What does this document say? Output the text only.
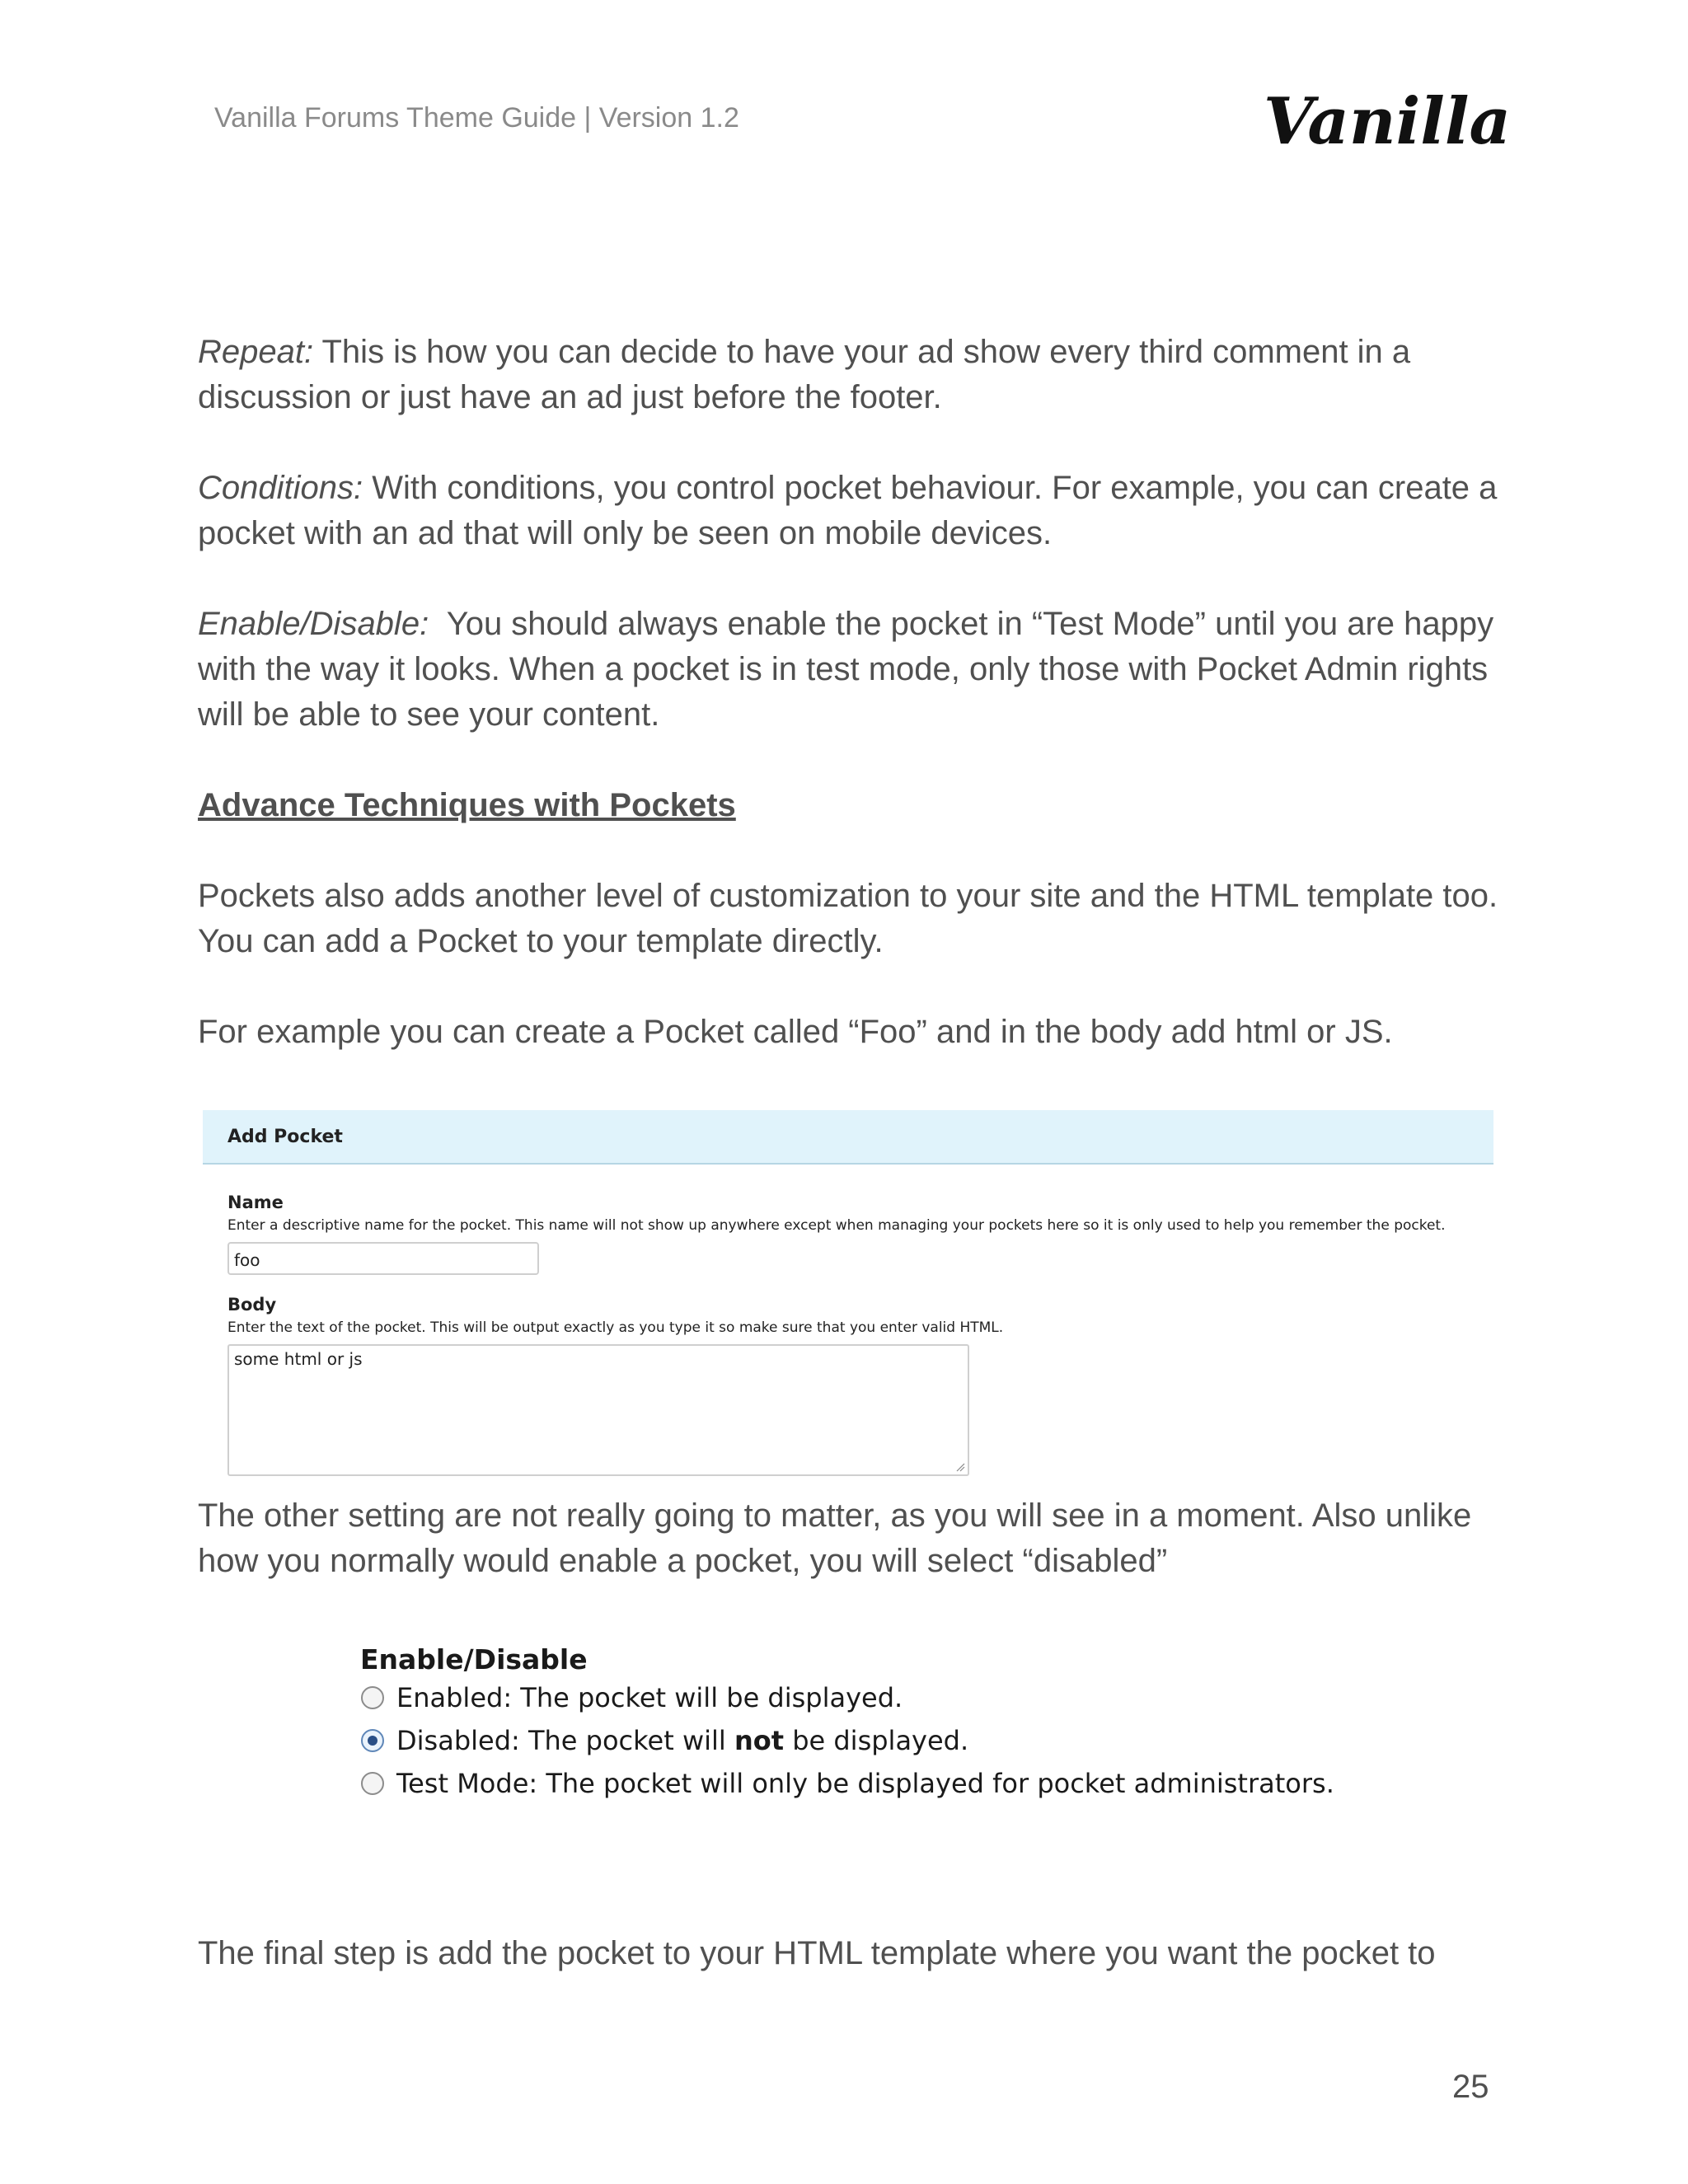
Vanilla Forums Theme Guide | Version 1.2	Vanilla

Repeat: This is how you can decide to have your ad show every third comment in a discussion or just have an ad just before the footer.

Conditions: With conditions, you control pocket behaviour. For example, you can create a pocket with an ad that will only be seen on mobile devices.

Enable/Disable:  You should always enable the pocket in “Test Mode” until you are happy with the way it looks. When a pocket is in test mode, only those with Pocket Admin rights will be able to see your content.

Advance Techniques with Pockets

Pockets also adds another level of customization to your site and the HTML template too. You can add a Pocket to your template directly.

For example you can create a Pocket called “Foo” and in the body add html or JS.

Add Pocket
Name
Enter a descriptive name for the pocket. This name will not show up anywhere except when managing your pockets here so it is only used to help you remember the pocket.
foo
Body
Enter the text of the pocket. This will be output exactly as you type it so make sure that you enter valid HTML.
some html or js

The other setting are not really going to matter, as you will see in a moment. Also unlike how you normally would enable a pocket, you will select “disabled”

Enable/Disable
Enabled: The pocket will be displayed.
Disabled: The pocket will not be displayed.
Test Mode: The pocket will only be displayed for pocket administrators.

The final step is add the pocket to your HTML template where you want the pocket to

25
